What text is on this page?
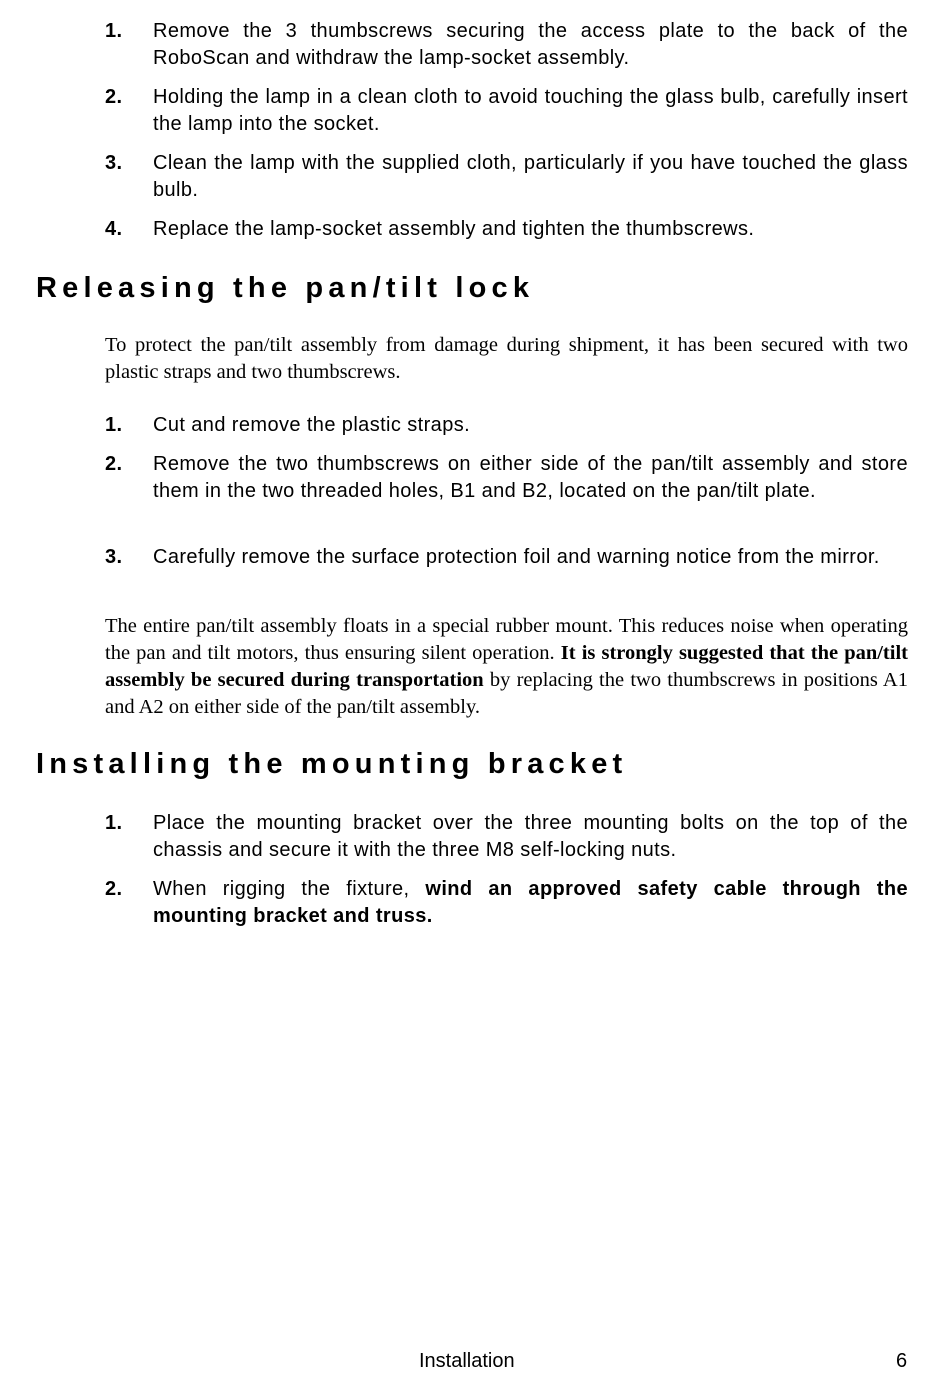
1. Remove the 3 thumbscrews securing the access plate to the back of the RoboScan and withdraw the lamp-socket assembly.
2. Holding the lamp in a clean cloth to avoid touching the glass bulb, carefully insert the lamp into the socket.
3. Clean the lamp with the supplied cloth, particularly if you have touched the glass bulb.
4. Replace the lamp-socket assembly and tighten the thumbscrews.
Releasing the pan/tilt lock

To protect the pan/tilt assembly from damage during shipment, it has been secured with two plastic straps and two thumbscrews.

1. Cut and remove the plastic straps.
2. Remove the two thumbscrews on either side of the pan/tilt assembly and store them in the two threaded holes, B1 and B2, located on the pan/tilt plate.
3. Carefully remove the surface protection foil and warning notice from the mirror.

The entire pan/tilt assembly floats in a special rubber mount. This reduces noise when operating the pan and tilt motors, thus ensuring silent operation. It is strongly suggested that the pan/tilt assembly be secured during transportation by replacing the two thumbscrews in positions A1 and A2 on either side of the pan/tilt assembly.

Installing the mounting bracket
1. Place the mounting bracket over the three mounting bolts on the top of the chassis and secure it with the three M8 self-locking nuts.
2. When rigging the fixture, wind an approved safety cable through the mounting bracket and truss.
Installation	6
